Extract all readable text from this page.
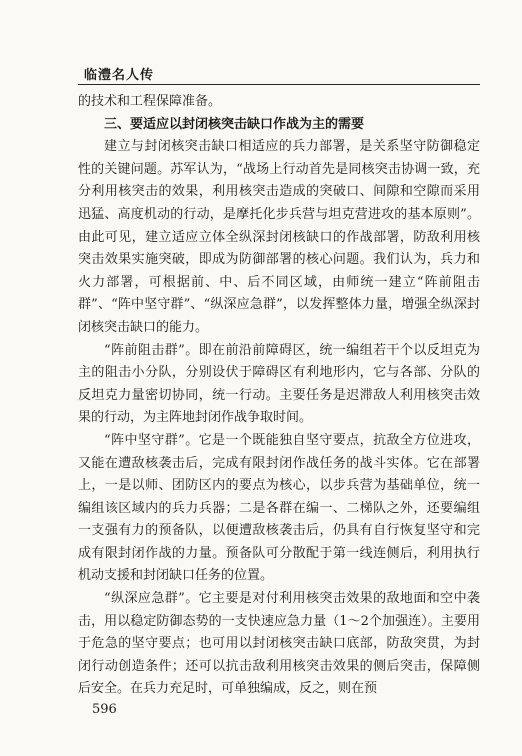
临澧名人传

的技术和工程保障准备。

三、要适应以封闭核突击缺口作战为主的需要

建立与封闭核突击缺口相适应的兵力部署，是关系坚守防御稳定性的关键问题。苏军认为，“战场上行动首先是同核突击协调一致，充分利用核突击的效果，利用核突击造成的突破口、间隙和空隙而采用迅猛、高度机动的行动，是摩托化步兵营与坦克营进攻的基本原则”。由此可见，建立适应立体全纵深封闭核缺口的作战部署，防敌利用核突击效果实施突破，即成为防御部署的核心问题。我们认为，兵力和火力部署，可根据前、中、后不同区域，由师统一建立“阵前阻击群”、“阵中坚守群”、“纵深应急群”，以发挥整体力量，增强全纵深封闭核突击缺口的能力。

“阵前阻击群”。即在前沿前障碍区，统一编组若干个以反坦克为主的阻击小分队，分别设伏于障碍区有利地形内，它与各部、分队的反坦克力量密切协同，统一行动。主要任务是迟滞敌人利用核突击效果的行动，为主阵地封闭作战争取时间。

“阵中坚守群”。它是一个既能独自坚守要点，抗敌全方位进攻，又能在遭敌核袭击后，完成有限封闭作战任务的战斗实体。它在部署上，一是以师、团防区内的要点为核心，以步兵营为基础单位，统一编组该区域内的兵力兵器；二是各群在编一、二梯队之外，还要编组一支强有力的预备队，以便遭敌核袭击后，仍具有自行恢复坚守和完成有限封闭作战的力量。预备队可分散配于第一线连侧后，利用执行机动支援和封闭缺口任务的位置。

“纵深应急群”。它主要是对付利用核突击效果的敌地面和空中袭击，用以稳定防御态势的一支快速应急力量（1～2个加强连）。主要用于危急的坚守要点；也可用以封闭核突击缺口底部，防敌突贯，为封闭行动创造条件；还可以抗击敌利用核突击效果的侧后突击，保障侧后安全。在兵力充足时，可单独编成，反之，则在预

596
